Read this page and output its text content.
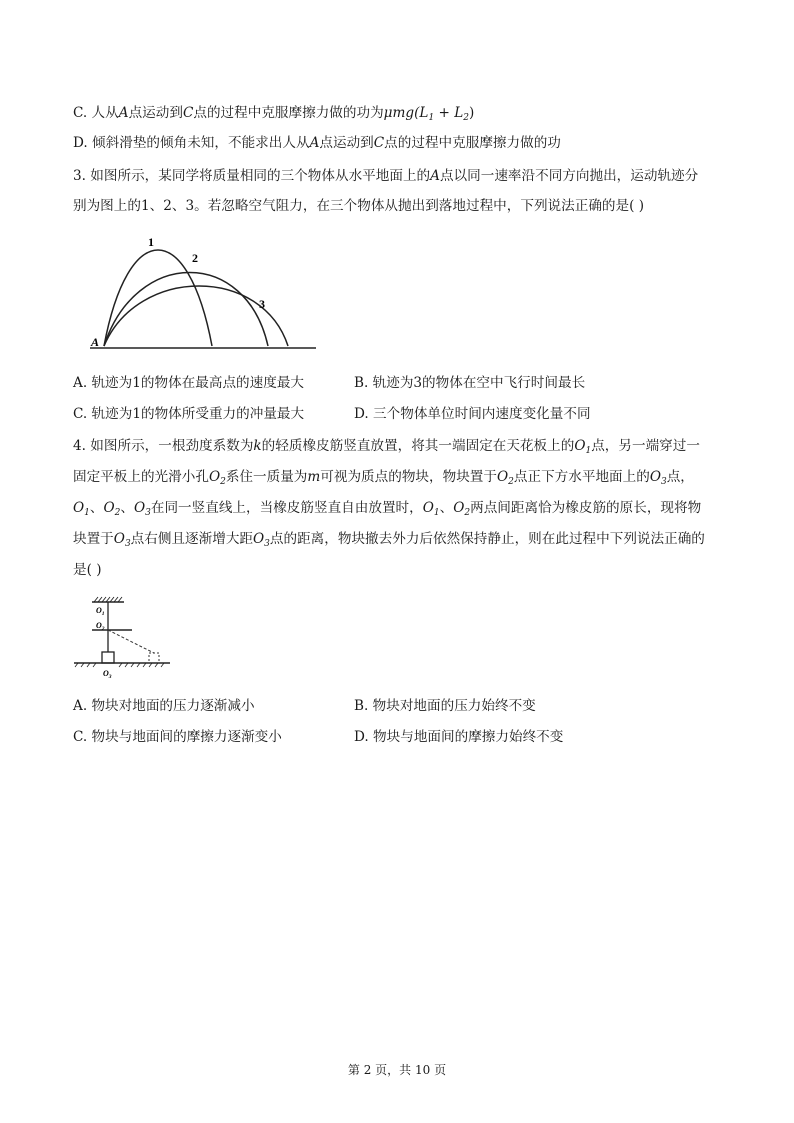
C. 人从A点运动到C点的过程中克服摩擦力做的功为$\mu mg(L_1 + L_2)$
D. 倾斜滑垫的倾角未知，不能求出人从A点运动到C点的过程中克服摩擦力做的功
3. 如图所示，某同学将质量相同的三个物体从水平地面上的A点以同一速率沿不同方向抛出，运动轨迹分
别为图上的1、2、3。若忽略空气阻力，在三个物体从抛出到落地过程中，下列说法正确的是( )
A
1
2
3
A. 轨迹为1的物体在最高点的速度最大	B. 轨迹为3的物体在空中飞行时间最长
C. 轨迹为1的物体所受重力的冲量最大	D. 三个物体单位时间内速度变化量不同
4. 如图所示，一根劲度系数为k的轻质橡皮筋竖直放置，将其一端固定在天花板上的$O_1$点，另一端穿过一
固定平板上的光滑小孔$O_2$系住一质量为m可视为质点的物块，物块置于$O_2$点正下方水平地面上的$O_3$点，
$O_1$、$O_2$、$O_3$在同一竖直线上，当橡皮筋竖直自由放置时，$O_1$、$O_2$两点间距离恰为橡皮筋的原长，现将物
块置于$O_3$点右侧且逐渐增大距$O_3$点的距离，物块撤去外力后依然保持静止，则在此过程中下列说法正确的
是( )
$O_1$
$O_2$
$O_3$
A. 物块对地面的压力逐渐减小	B. 物块对地面的压力始终不变
C. 物块与地面间的摩擦力逐渐变小	D. 物块与地面间的摩擦力始终不变
第 2 页，共 10 页
